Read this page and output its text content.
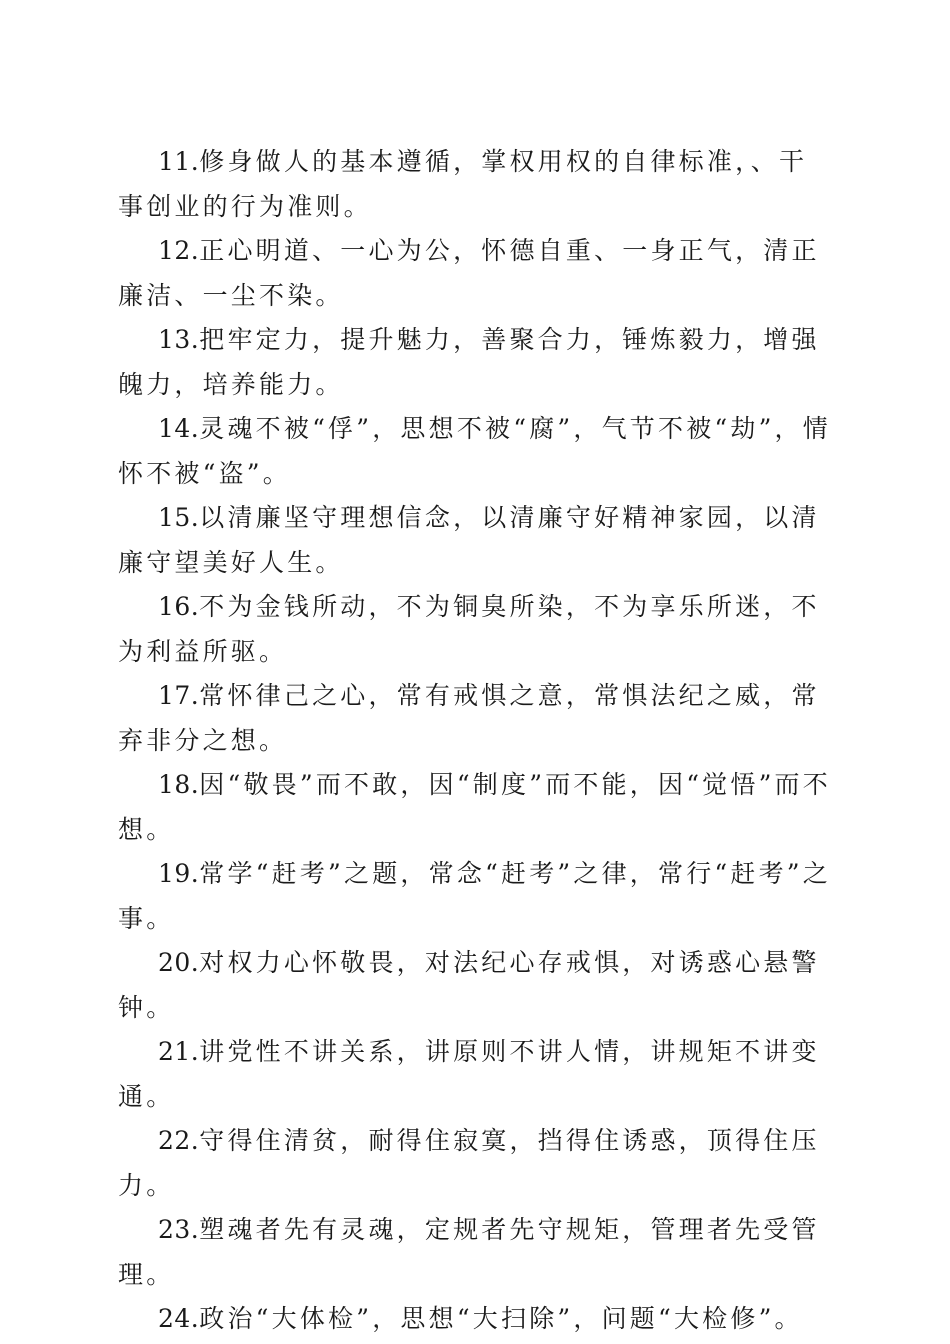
11.修身做人的基本遵循，掌权用权的自律标准，、干事创业的行为准则。

12.正心明道、一心为公，怀德自重、一身正气，清正廉洁、一尘不染。

13.把牢定力，提升魅力，善聚合力，锤炼毅力，增强魄力，培养能力。

14.灵魂不被“俘”，思想不被“腐”，气节不被“劫”，情怀不被“盗”。

15.以清廉坚守理想信念，以清廉守好精神家园，以清廉守望美好人生。

16.不为金钱所动，不为铜臭所染，不为享乐所迷，不为利益所驱。

17.常怀律己之心，常有戒惧之意，常惧法纪之威，常弃非分之想。

18.因“敬畏”而不敢，因“制度”而不能，因“觉悟”而不想。

19.常学“赶考”之题，常念“赶考”之律，常行“赶考”之事。

20.对权力心怀敬畏，对法纪心存戒惧，对诱惑心悬警钟。

21.讲党性不讲关系，讲原则不讲人情，讲规矩不讲变通。

22.守得住清贫，耐得住寂寞，挡得住诱惑，顶得住压力。

23.塑魂者先有灵魂，定规者先守规矩，管理者先受管理。

24.政治“大体检”，思想“大扫除”，问题“大检修”。
